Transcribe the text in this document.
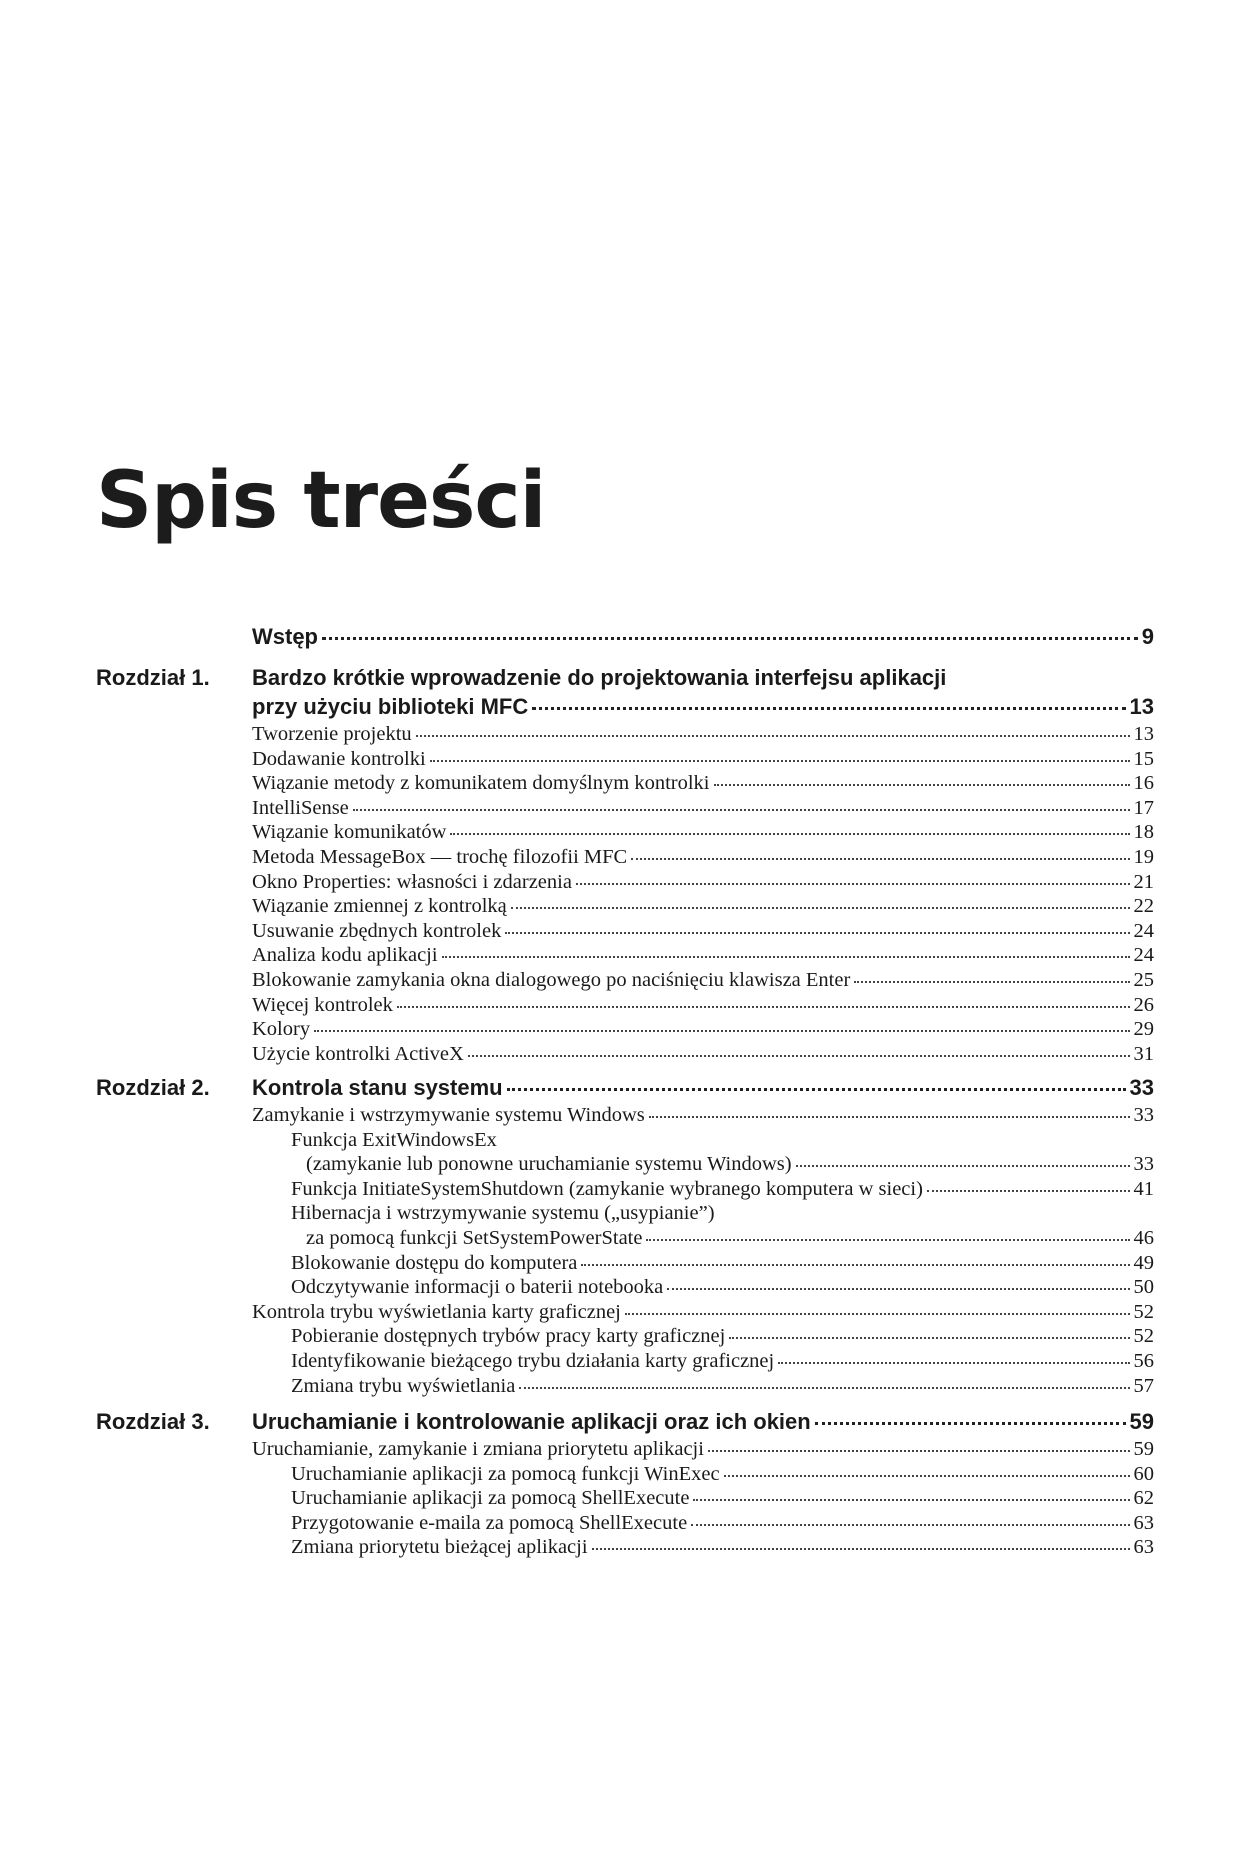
Spis treści
Wstęp	9
Rozdział 1. Bardzo krótkie wprowadzenie do projektowania interfejsu aplikacji
przy użyciu biblioteki MFC	13
Tworzenie projektu	13
Dodawanie kontrolki	15
Wiązanie metody z komunikatem domyślnym kontrolki	16
IntelliSense	17
Wiązanie komunikatów	18
Metoda MessageBox — trochę filozofii MFC	19
Okno Properties: własności i zdarzenia	21
Wiązanie zmiennej z kontrolką	22
Usuwanie zbędnych kontrolek	24
Analiza kodu aplikacji	24
Blokowanie zamykania okna dialogowego po naciśnięciu klawisza Enter	25
Więcej kontrolek	26
Kolory	29
Użycie kontrolki ActiveX	31
Rozdział 2. Kontrola stanu systemu	33
Zamykanie i wstrzymywanie systemu Windows	33
Funkcja ExitWindowsEx
(zamykanie lub ponowne uruchamianie systemu Windows)	33
Funkcja InitiateSystemShutdown (zamykanie wybranego komputera w sieci)	41
Hibernacja i wstrzymywanie systemu („usypianie”)
za pomocą funkcji SetSystemPowerState	46
Blokowanie dostępu do komputera	49
Odczytywanie informacji o baterii notebooka	50
Kontrola trybu wyświetlania karty graficznej	52
Pobieranie dostępnych trybów pracy karty graficznej	52
Identyfikowanie bieżącego trybu działania karty graficznej	56
Zmiana trybu wyświetlania	57
Rozdział 3. Uruchamianie i kontrolowanie aplikacji oraz ich okien	59
Uruchamianie, zamykanie i zmiana priorytetu aplikacji	59
Uruchamianie aplikacji za pomocą funkcji WinExec	60
Uruchamianie aplikacji za pomocą ShellExecute	62
Przygotowanie e-maila za pomocą ShellExecute	63
Zmiana priorytetu bieżącej aplikacji	63
